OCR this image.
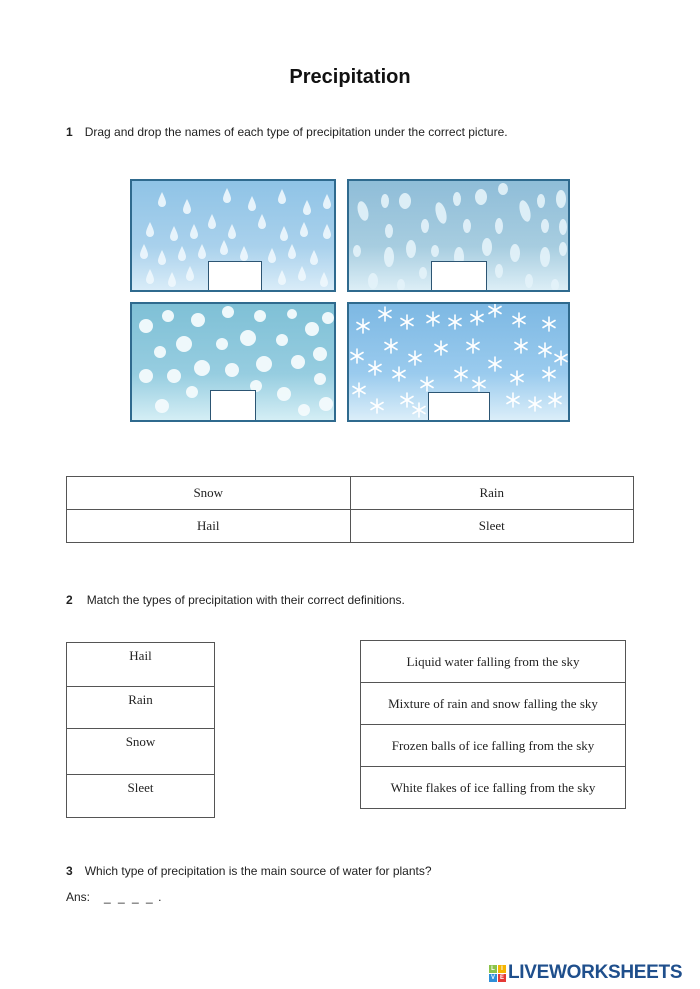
Precipitation
1 Drag and drop the names of each type of precipitation under the correct picture.
Snow	Rain
Hail	Sleet
2 Match the types of precipitation with their correct definitions.
Hail
Rain
Snow
Sleet
Liquid water falling from the sky
Mixture of rain and snow falling the sky
Frozen balls of ice falling from the sky
White flakes of ice falling from the sky
3 Which type of precipitation is the main source of water for plants?
Ans: _ _ _ _ .
L	I
V E LIVEWORKSHEETS
